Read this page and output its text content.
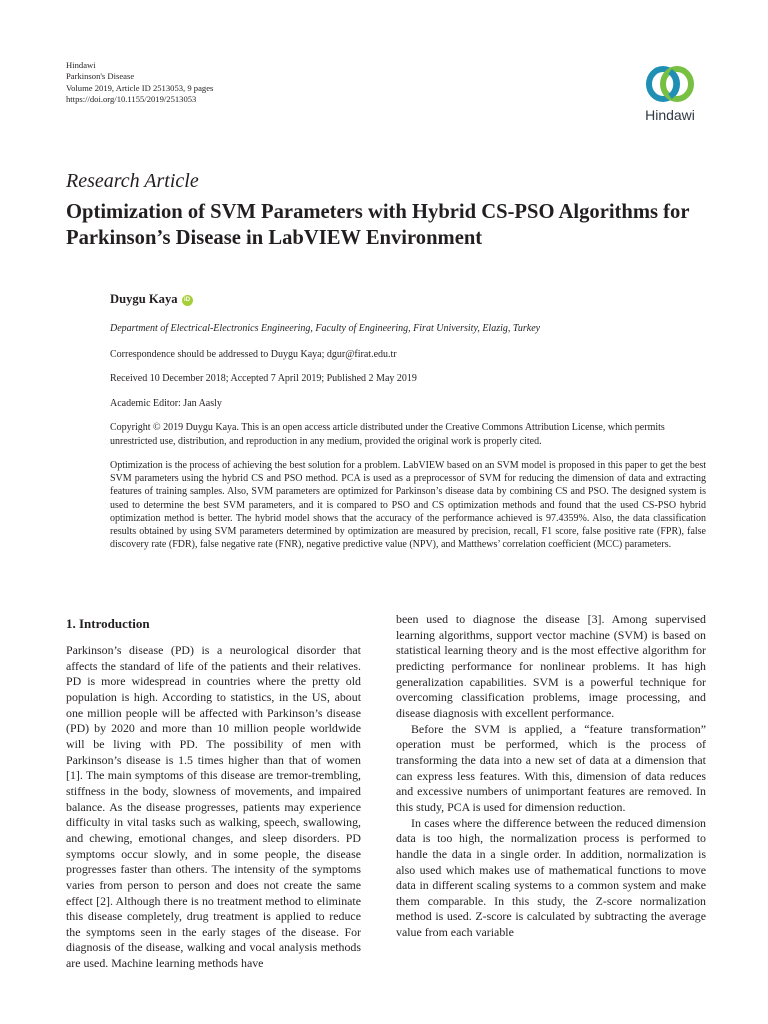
Hindawi
Parkinson's Disease
Volume 2019, Article ID 2513053, 9 pages
https://doi.org/10.1155/2019/2513053
Hindawi
Research Article
Optimization of SVM Parameters with Hybrid CS-PSO Algorithms for Parkinson’s Disease in LabVIEW Environment
Duygu Kaya	iD
Department of Electrical-Electronics Engineering, Faculty of Engineering, Firat University, Elazig, Turkey
Correspondence should be addressed to Duygu Kaya; dgur@firat.edu.tr
Received 10 December 2018; Accepted 7 April 2019; Published 2 May 2019
Academic Editor: Jan Aasly
Copyright © 2019 Duygu Kaya. This is an open access article distributed under the Creative Commons Attribution License, which permits unrestricted use, distribution, and reproduction in any medium, provided the original work is properly cited.
Optimization is the process of achieving the best solution for a problem. LabVIEW based on an SVM model is proposed in this paper to get the best SVM parameters using the hybrid CS and PSO method. PCA is used as a preprocessor of SVM for reducing the dimension of data and extracting features of training samples. Also, SVM parameters are optimized for Parkinson’s disease data by combining CS and PSO. The designed system is used to determine the best SVM parameters, and it is compared to PSO and CS optimization methods and found that the used CS-PSO hybrid optimization method is better. The hybrid model shows that the accuracy of the performance achieved is 97.4359%. Also, the data classification results obtained by using SVM parameters determined by optimization are measured by precision, recall, F1 score, false positive rate (FPR), false discovery rate (FDR), false negative rate (FNR), negative predictive value (NPV), and Matthews’ correlation coefficient (MCC) parameters.
1. Introduction

Parkinson’s disease (PD) is a neurological disorder that affects the standard of life of the patients and their relatives. PD is more widespread in countries where the pretty old population is high. According to statistics, in the US, about one million people will be affected with Parkinson’s disease (PD) by 2020 and more than 10 million people worldwide will be living with PD. The possibility of men with Parkinson’s disease is 1.5 times higher than that of women [1]. The main symptoms of this disease are tremor-trembling, stiffness in the body, slowness of movements, and impaired balance. As the disease progresses, patients may experience difficulty in vital tasks such as walking, speech, swallowing, and chewing, emotional changes, and sleep disorders. PD symptoms occur slowly, and in some people, the disease progresses faster than others. The intensity of the symptoms varies from person to person and does not create the same effect [2]. Although there is no treatment method to eliminate this disease completely, drug treatment is applied to reduce the symptoms seen in the early stages of the disease. For diagnosis of the disease, walking and vocal analysis methods are used. Machine learning methods have

been used to diagnose the disease [3]. Among supervised learning algorithms, support vector machine (SVM) is based on statistical learning theory and is the most effective algorithm for predicting performance for nonlinear problems. It has high generalization capabilities. SVM is a powerful technique for overcoming classification problems, image processing, and disease diagnosis with excellent performance.

Before the SVM is applied, a “feature transformation” operation must be performed, which is the process of transforming the data into a new set of data at a dimension that can express less features. With this, dimension of data reduces and excessive numbers of unimportant features are removed. In this study, PCA is used for dimension reduction.

In cases where the difference between the reduced dimension data is too high, the normalization process is performed to handle the data in a single order. In addition, normalization is also used which makes use of mathematical functions to move data in different scaling systems to a common system and make them comparable. In this study, the Z-score normalization method is used. Z-score is calculated by subtracting the average value from each variable
